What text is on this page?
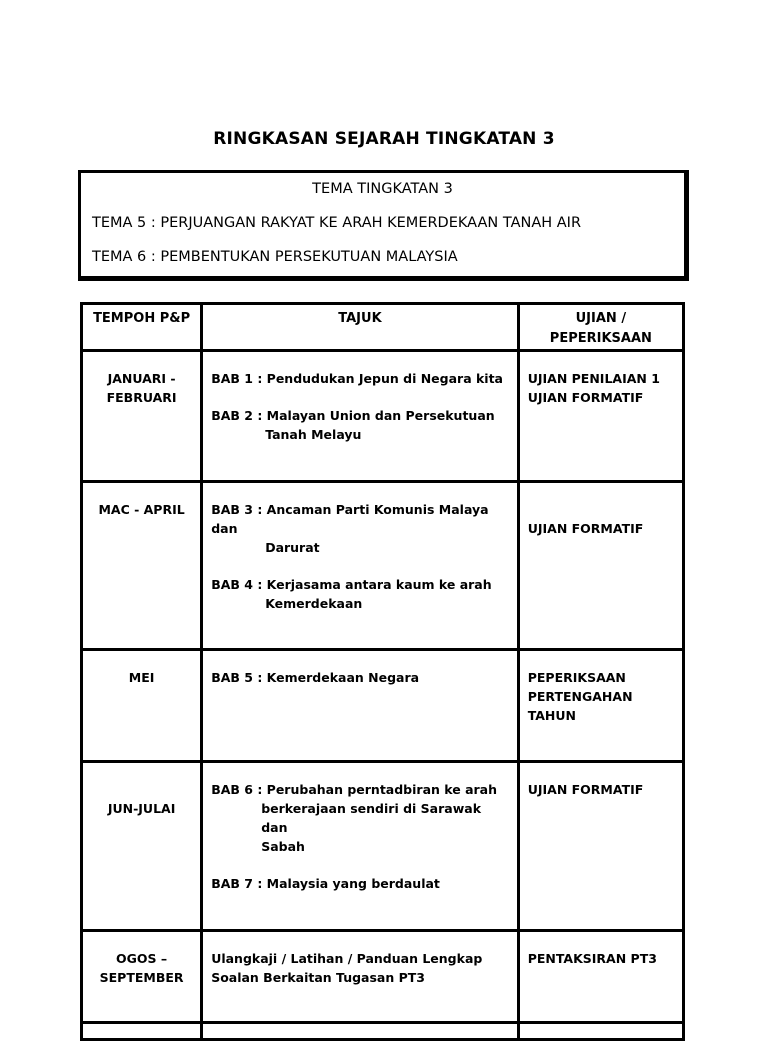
RINGKASAN SEJARAH TINGKATAN 3
TEMA TINGKATAN 3
TEMA 5 : PERJUANGAN RAKYAT KE ARAH KEMERDEKAAN TANAH AIR
TEMA 6 : PEMBENTUKAN PERSEKUTUAN MALAYSIA
TEMPOH P&P	TAJUK	UJIAN /
PEPERIKSAAN

JANUARI -
FEBRUARI	BAB 1 : Pendudukan Jepun di Negara kita
BAB 2 : Malayan Union dan Persekutuan
Tanah Melayu	UJIAN PENILAIAN 1
UJIAN FORMATIF

MAC - APRIL	BAB 3 : Ancaman Parti Komunis Malaya dan
Darurat
BAB 4 : Kerjasama antara kaum ke arah
Kemerdekaan	UJIAN FORMATIF

MEI	BAB 5 : Kemerdekaan Negara	PEPERIKSAAN
PERTENGAHAN
TAHUN

JUN-JULAI	BAB 6 : Perubahan perntadbiran ke arah
berkerajaan sendiri di Sarawak dan
Sabah
BAB 7 : Malaysia yang berdaulat	UJIAN FORMATIF

OGOS –
SEPTEMBER	Ulangkaji / Latihan / Panduan Lengkap
Soalan Berkaitan Tugasan PT3	PENTAKSIRAN PT3
